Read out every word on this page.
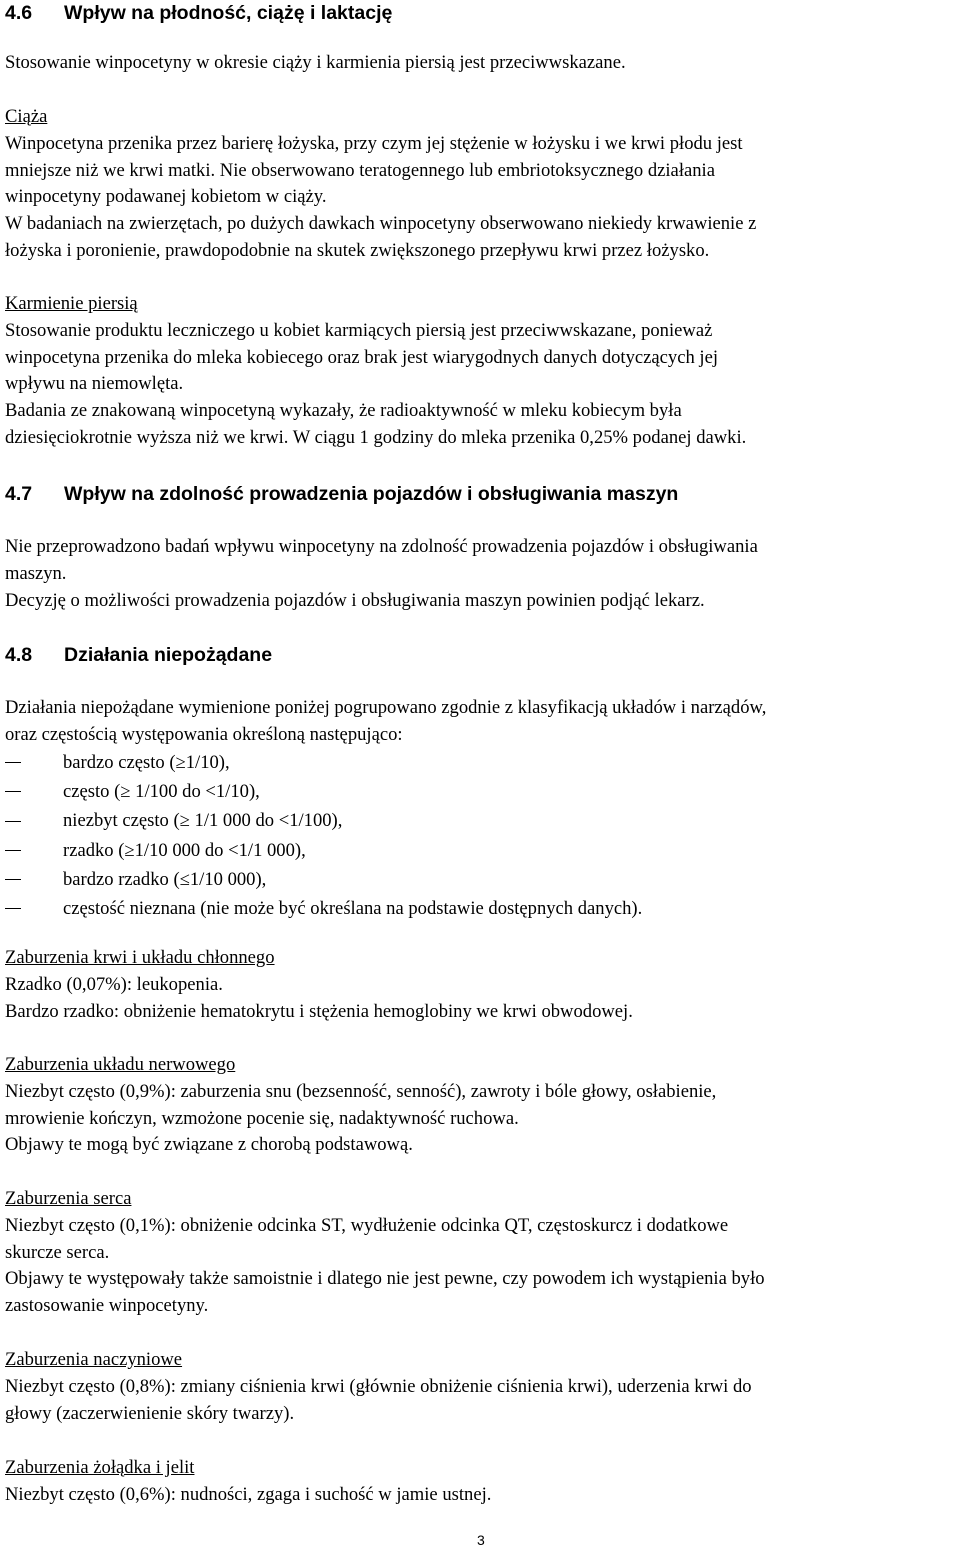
4.6 Wpływ na płodność, ciążę i laktację
Stosowanie winpocetyny w okresie ciąży i karmienia piersią jest przeciwwskazane.
Ciąża
Winpocetyna przenika przez barierę łożyska, przy czym jej stężenie w łożysku i we krwi płodu jest
mniejsze niż we krwi matki. Nie obserwowano teratogennego lub embriotoksycznego działania
winpocetyny podawanej kobietom w ciąży.
W badaniach na zwierzętach, po dużych dawkach winpocetyny obserwowano niekiedy krwawienie z
łożyska i poronienie, prawdopodobnie na skutek zwiększonego przepływu krwi przez łożysko.
Karmienie piersią
Stosowanie produktu leczniczego u kobiet karmiących piersią jest przeciwwskazane, ponieważ
winpocetyna przenika do mleka kobiecego oraz brak jest wiarygodnych danych dotyczących jej
wpływu na niemowlęta.
Badania ze znakowaną winpocetyną wykazały, że radioaktywność w mleku kobiecym była
dziesięciokrotnie wyższa niż we krwi. W ciągu 1 godziny do mleka przenika 0,25% podanej dawki.
4.7 Wpływ na zdolność prowadzenia pojazdów i obsługiwania maszyn
Nie przeprowadzono badań wpływu winpocetyny na zdolność prowadzenia pojazdów i obsługiwania
maszyn.
Decyzję o możliwości prowadzenia pojazdów i obsługiwania maszyn powinien podjąć lekarz.
4.8 Działania niepożądane
Działania niepożądane wymienione poniżej pogrupowano zgodnie z klasyfikacją układów i narządów,
oraz częstością występowania określoną następująco:
bardzo często (≥1/10),
często (≥ 1/100 do <1/10),
niezbyt często (≥ 1/1 000 do <1/100),
rzadko (≥1/10 000 do <1/1 000),
bardzo rzadko (≤1/10 000),
częstość nieznana (nie może być określana na podstawie dostępnych danych).
Zaburzenia krwi i układu chłonnego
Rzadko (0,07%): leukopenia.
Bardzo rzadko: obniżenie hematokrytu i stężenia hemoglobiny we krwi obwodowej.
Zaburzenia układu nerwowego
Niezbyt często (0,9%): zaburzenia snu (bezsenność, senność), zawroty i bóle głowy, osłabienie,
mrowienie kończyn, wzmożone pocenie się, nadaktywność ruchowa.
Objawy te mogą być związane z chorobą podstawową.
Zaburzenia serca
Niezbyt często (0,1%): obniżenie odcinka ST, wydłużenie odcinka QT, częstoskurcz i dodatkowe
skurcze serca.
Objawy te występowały także samoistnie i dlatego nie jest pewne, czy powodem ich wystąpienia było
zastosowanie winpocetyny.
Zaburzenia naczyniowe
Niezbyt często (0,8%): zmiany ciśnienia krwi (głównie obniżenie ciśnienia krwi), uderzenia krwi do
głowy (zaczerwienienie skóry twarzy).
Zaburzenia żołądka i jelit
Niezbyt często (0,6%): nudności, zgaga i suchość w jamie ustnej.
3
